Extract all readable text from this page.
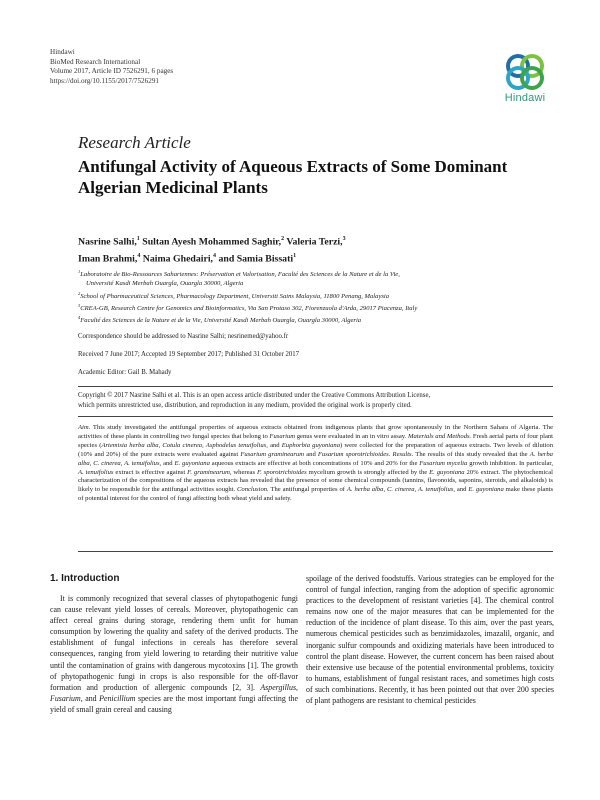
Hindawi
BioMed Research International
Volume 2017, Article ID 7526291, 6 pages
https://doi.org/10.1155/2017/7526291
Hindawi
Research Article
Antifungal Activity of Aqueous Extracts of Some Dominant
Algerian Medicinal Plants
Nasrine Salhi,$^1$ Sultan Ayesh Mohammed Saghir,$^2$ Valeria Terzi,$^3$
Iman Brahmi,$^4$ Naima Ghedairi,$^4$ and Samia Bissati$^1$
$^1$Laboratoire de Bio-Ressources Sahariennes: Préservation et Valorisation, Faculté des Sciences de la Nature et de la Vie,
Université Kasdi Merbah Ouargla, Ouargla 30000, Algeria
$^2$School of Pharmaceutical Sciences, Pharmacology Department, Universiti Sains Malaysia, 11800 Penang, Malaysia
$^3$CREA-GB, Research Centre for Genomics and Bioinformatics, Via San Protaso 302, Fiorenzuola d'Arda, 29017 Piacenza, Italy
$^4$Faculté des Sciences de la Nature et de la Vie, Université Kasdi Merbah Ouargla, Ouargla 30000, Algeria
Correspondence should be addressed to Nasrine Salhi; nesrinemed@yahoo.fr
Received 7 June 2017; Accepted 19 September 2017; Published 31 October 2017
Academic Editor: Gail B. Mahady
Copyright © 2017 Nasrine Salhi et al. This is an open access article distributed under the Creative Commons Attribution License,
which permits unrestricted use, distribution, and reproduction in any medium, provided the original work is properly cited.
Aim. This study investigated the antifungal properties of aqueous extracts obtained from indigenous plants that grow spontaneously in the Northern Sahara of Algeria. The activities of these plants in controlling two fungal species that belong to Fusarium genus were evaluated in an in vitro assay. Materials and Methods. Fresh aerial parts of four plant species (Artemisia herba alba, Cotula cinerea, Asphodelus tenuifolius, and Euphorbia guyoniana) were collected for the preparation of aqueous extracts. Two levels of dilution (10% and 20%) of the pure extracts were evaluated against Fusarium graminearum and Fusarium sporotrichioides. Results. The results of this study revealed that the A. herba alba, C. cinerea, A. tenuifolius, and E. guyoniana aqueous extracts are effective at both concentrations of 10% and 20% for the Fusarium mycelia growth inhibition. In particular, A. tenuifolius extract is effective against F. graminearum, whereas F. sporotrichioides mycelium growth is strongly affected by the E. guyoniana 20% extract. The phytochemical characterization of the compositions of the aqueous extracts has revealed that the presence of some chemical compounds (tannins, flavonoids, saponins, steroids, and alkaloids) is likely to be responsible for the antifungal activities sought. Conclusion. The antifungal properties of A. herba alba, C. cinerea, A. tenuifolius, and E. guyoniana make these plants of potential interest for the control of fungi affecting both wheat yield and safety.
1. Introduction
It is commonly recognized that several classes of phytopathogenic fungi can cause relevant yield losses of cereals. Moreover, phytopathogenic can affect cereal grains during storage, rendering them unfit for human consumption by lowering the quality and safety of the derived products. The establishment of fungal infections in cereals has therefore several consequences, ranging from yield lowering to retarding their nutritive value until the contamination of grains with dangerous mycotoxins [1]. The growth of phytopathogenic fungi in crops is also responsible for the off-flavor formation and production of allergenic compounds [2, 3]. Aspergillus, Fusarium, and Penicillium species are the most important fungi affecting the yield of small grain cereal and causing
spoilage of the derived foodstuffs. Various strategies can be employed for the control of fungal infection, ranging from the adoption of specific agronomic practices to the development of resistant varieties [4]. The chemical control remains now one of the major measures that can be implemented for the reduction of the incidence of plant disease. To this aim, over the past years, numerous chemical pesticides such as benzimidazoles, imazalil, organic, and inorganic sulfur compounds and oxidizing materials have been introduced to control the plant disease. However, the current concern has been raised about their extensive use because of the potential environmental problems, toxicity to humans, establishment of fungal resistant races, and sometimes high costs of such combinations. Recently, it has been pointed out that over 200 species of plant pathogens are resistant to chemical pesticides
